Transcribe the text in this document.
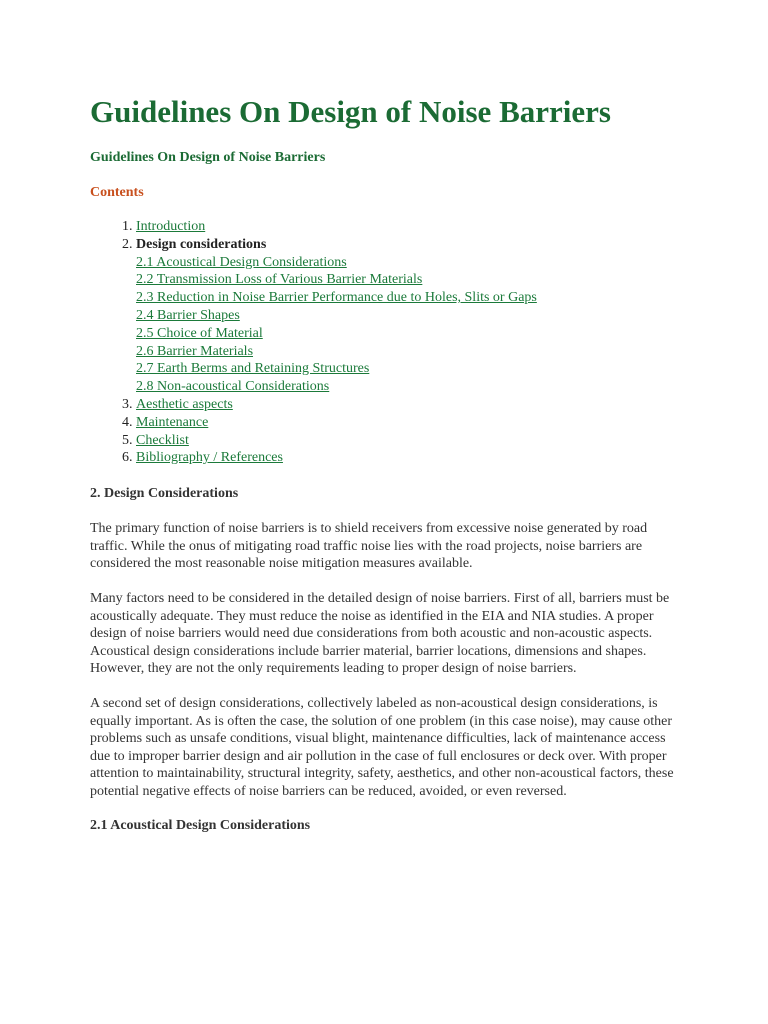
Guidelines On Design of Noise Barriers
Guidelines On Design of Noise Barriers
Contents
1. Introduction
2. Design considerations
2.1 Acoustical Design Considerations
2.2 Transmission Loss of Various Barrier Materials
2.3 Reduction in Noise Barrier Performance due to Holes, Slits or Gaps
2.4 Barrier Shapes
2.5 Choice of Material
2.6 Barrier Materials
2.7 Earth Berms and Retaining Structures
2.8 Non-acoustical Considerations
3. Aesthetic aspects
4. Maintenance
5. Checklist
6. Bibliography / References
2. Design Considerations

The primary function of noise barriers is to shield receivers from excessive noise generated by road traffic. While the onus of mitigating road traffic noise lies with the road projects, noise barriers are considered the most reasonable noise mitigation measures available.

Many factors need to be considered in the detailed design of noise barriers. First of all, barriers must be acoustically adequate. They must reduce the noise as identified in the EIA and NIA studies. A proper design of noise barriers would need due considerations from both acoustic and non-acoustic aspects. Acoustical design considerations include barrier material, barrier locations, dimensions and shapes. However, they are not the only requirements leading to proper design of noise barriers.

A second set of design considerations, collectively labeled as non-acoustical design considerations, is equally important. As is often the case, the solution of one problem (in this case noise), may cause other problems such as unsafe conditions, visual blight, maintenance difficulties, lack of maintenance access due to improper barrier design and air pollution in the case of full enclosures or deck over. With proper attention to maintainability, structural integrity, safety, aesthetics, and other non-acoustical factors, these potential negative effects of noise barriers can be reduced, avoided, or even reversed.

2.1 Acoustical Design Considerations
